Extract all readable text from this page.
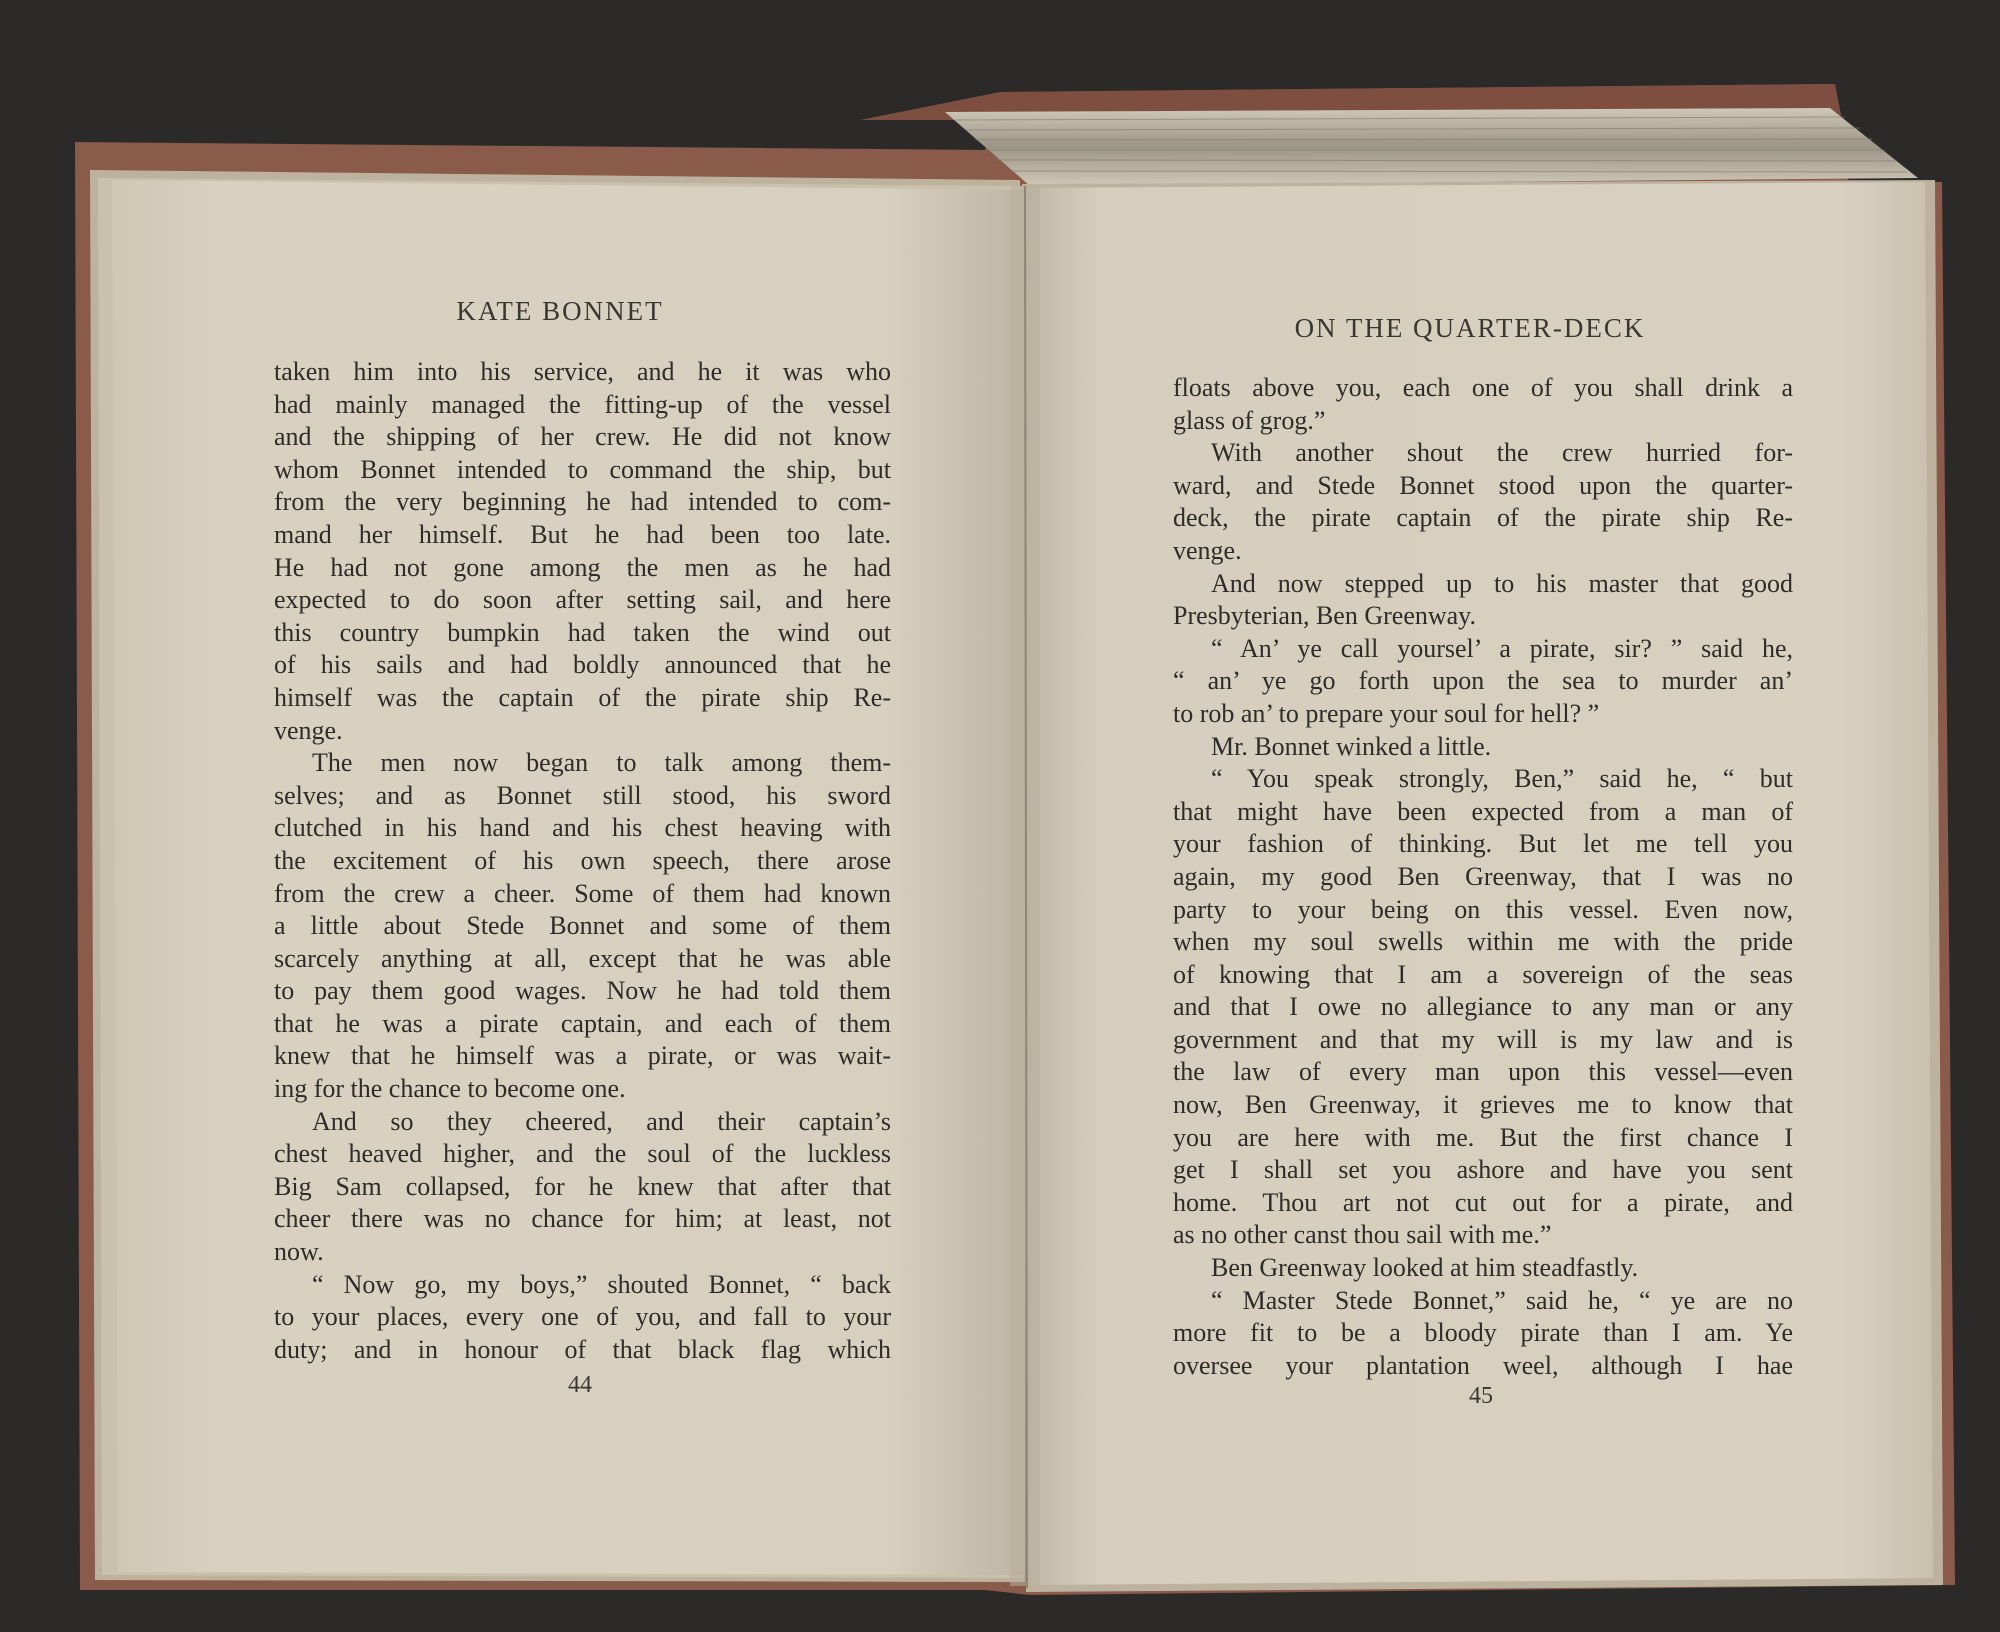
KATE BONNET
taken him into his service, and he it was who
had mainly managed the fitting-up of the vessel
and the shipping of her crew. He did not know
whom Bonnet intended to command the ship, but
from the very beginning he had intended to com-
mand her himself. But he had been too late.
He had not gone among the men as he had
expected to do soon after setting sail, and here
this country bumpkin had taken the wind out
of his sails and had boldly announced that he
himself was the captain of the pirate ship Re-
venge.
The men now began to talk among them-
selves; and as Bonnet still stood, his sword
clutched in his hand and his chest heaving with
the excitement of his own speech, there arose
from the crew a cheer. Some of them had known
a little about Stede Bonnet and some of them
scarcely anything at all, except that he was able
to pay them good wages. Now he had told them
that he was a pirate captain, and each of them
knew that he himself was a pirate, or was wait-
ing for the chance to become one.
And so they cheered, and their captain’s
chest heaved higher, and the soul of the luckless
Big Sam collapsed, for he knew that after that
cheer there was no chance for him; at least, not
now.
“ Now go, my boys,” shouted Bonnet, “ back
to your places, every one of you, and fall to your
duty; and in honour of that black flag which

44

ON THE QUARTER-DECK
floats above you, each one of you shall drink a
glass of grog.”
With another shout the crew hurried for-
ward, and Stede Bonnet stood upon the quarter-
deck, the pirate captain of the pirate ship Re-
venge.
And now stepped up to his master that good
Presbyterian, Ben Greenway.
“ An’ ye call yoursel’ a pirate, sir? ” said he,
“ an’ ye go forth upon the sea to murder an’
to rob an’ to prepare your soul for hell? ”
Mr. Bonnet winked a little.
“ You speak strongly, Ben,” said he, “ but
that might have been expected from a man of
your fashion of thinking. But let me tell you
again, my good Ben Greenway, that I was no
party to your being on this vessel. Even now,
when my soul swells within me with the pride
of knowing that I am a sovereign of the seas
and that I owe no allegiance to any man or any
government and that my will is my law and is
the law of every man upon this vessel—even
now, Ben Greenway, it grieves me to know that
you are here with me. But the first chance I
get I shall set you ashore and have you sent
home. Thou art not cut out for a pirate, and
as no other canst thou sail with me.”
Ben Greenway looked at him steadfastly.
“ Master Stede Bonnet,” said he, “ ye are no
more fit to be a bloody pirate than I am. Ye
oversee your plantation weel, although I hae

45
